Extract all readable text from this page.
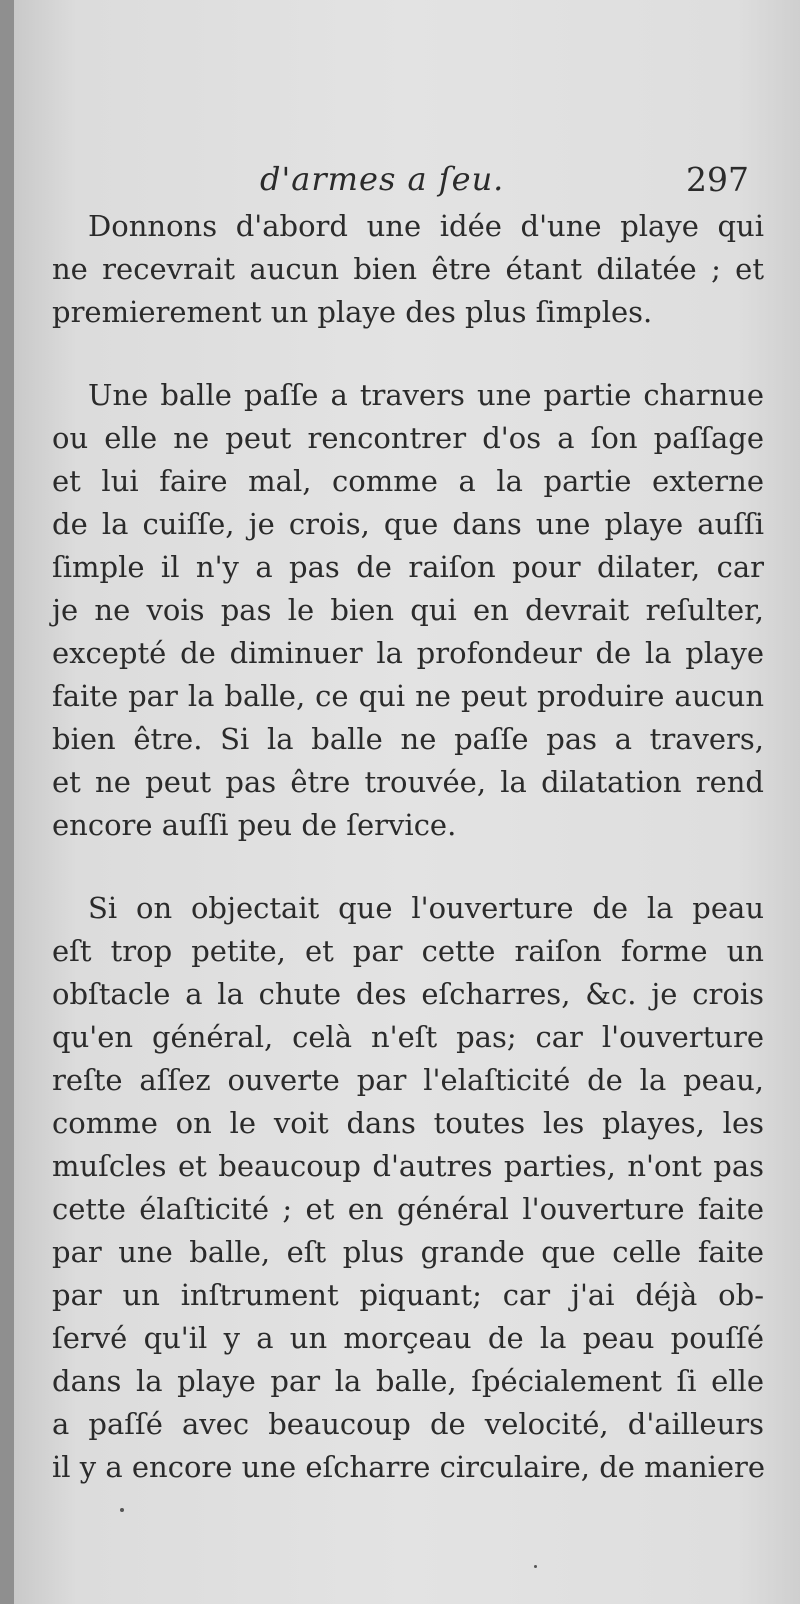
d'armes a ſeu.	297
Donnons d'abord une idée d'une playe qui
ne recevrait aucun bien être étant dilatée ; et
premierement un playe des plus ſimples.
Une balle paſſe a travers une partie charnue
ou elle ne peut rencontrer d'os a ſon paſſage
et lui faire mal, comme a la partie externe
de la cuiſſe, je crois, que dans une playe auſſi
ſimple il n'y a pas de raiſon pour dilater, car
je ne vois pas le bien qui en devrait reſulter,
excepté de diminuer la profondeur de la playe
faite par la balle, ce qui ne peut produire aucun
bien être. Si la balle ne paſſe pas a travers,
et ne peut pas être trouvée, la dilatation rend
encore auſſi peu de ſervice.
Si on objectait que l'ouverture de la peau
eſt trop petite, et par cette raiſon forme un
obſtacle a la chute des eſcharres, &c. je crois
qu'en général, celà n'eſt pas; car l'ouverture
reſte aſſez ouverte par l'elaſticité de la peau,
comme on le voit dans toutes les playes, les
muſcles et beaucoup d'autres parties, n'ont pas
cette élaſticité ; et en général l'ouverture faite
par une balle, eſt plus grande que celle faite
par un inſtrument piquant; car j'ai déjà ob-
ſervé qu'il y a un morçeau de la peau pouſſé
dans la playe par la balle, ſpécialement ſi elle
a paſſé avec beaucoup de velocité, d'ailleurs
il y a encore une eſcharre circulaire, de maniere
